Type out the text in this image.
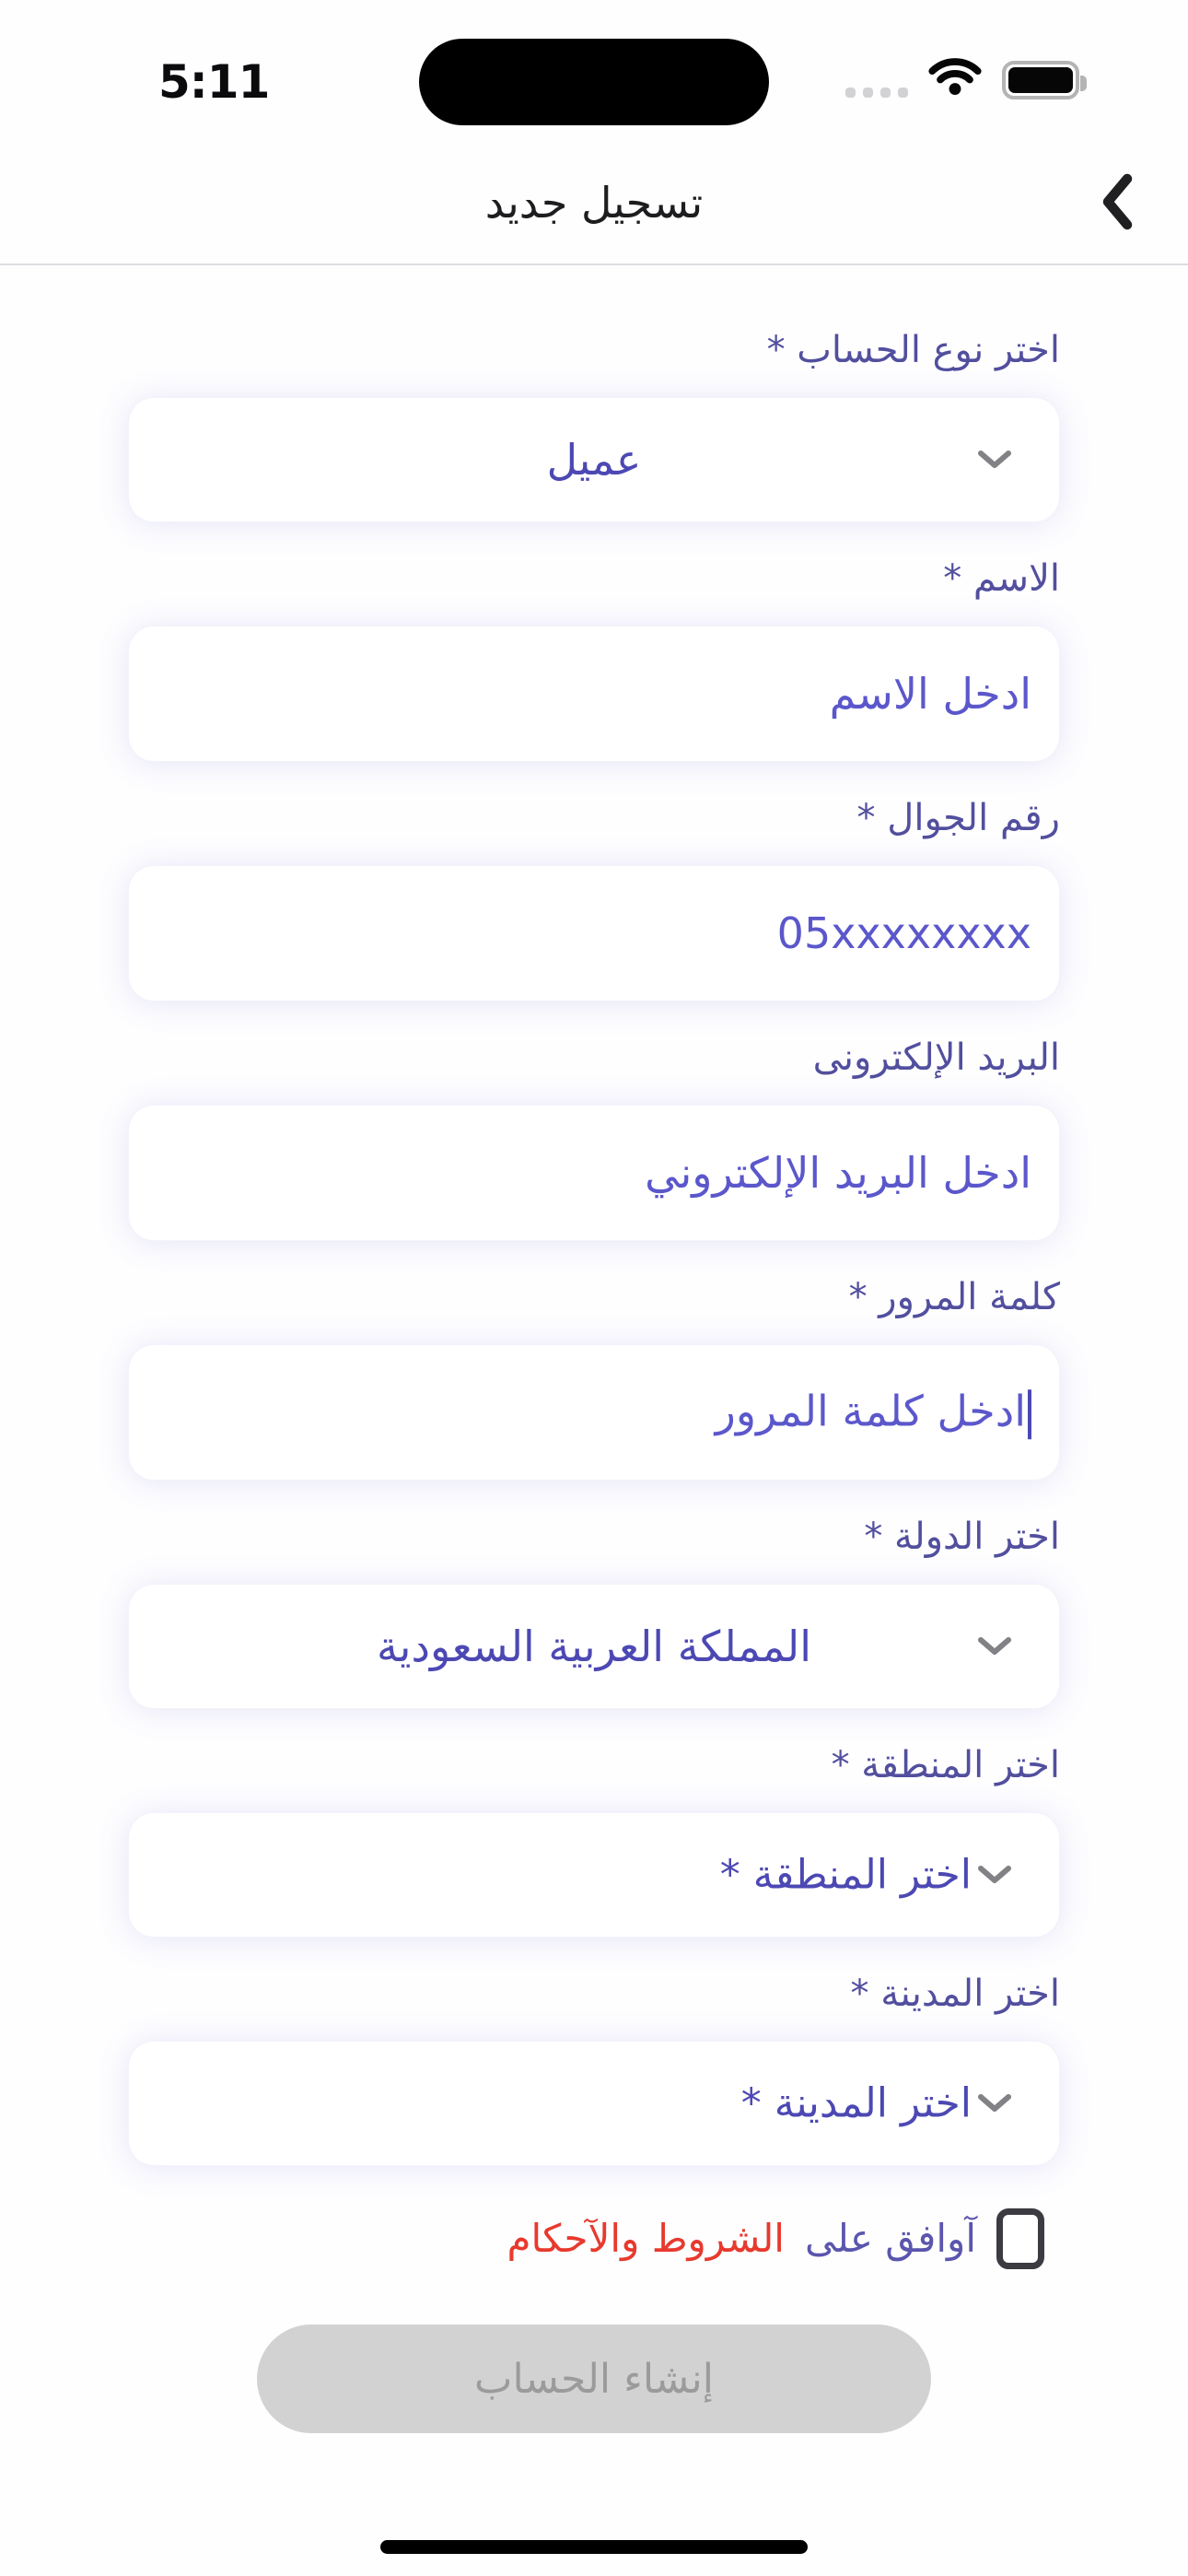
5:11
تسجيل جديد
اختر نوع الحساب *
عميل
الاسم *
ادخل الاسم
رقم الجوال *
05xxxxxxxx
البريد الإلكترونى
ادخل البريد الإلكتروني
كلمة المرور *
ادخل كلمة المرور
اختر الدولة *
المملكة العربية السعودية
اختر المنطقة *
اختر المنطقة *
اختر المدينة *
اختر المدينة *
آوافق على
الشروط والآحكام
إنشاء الحساب
